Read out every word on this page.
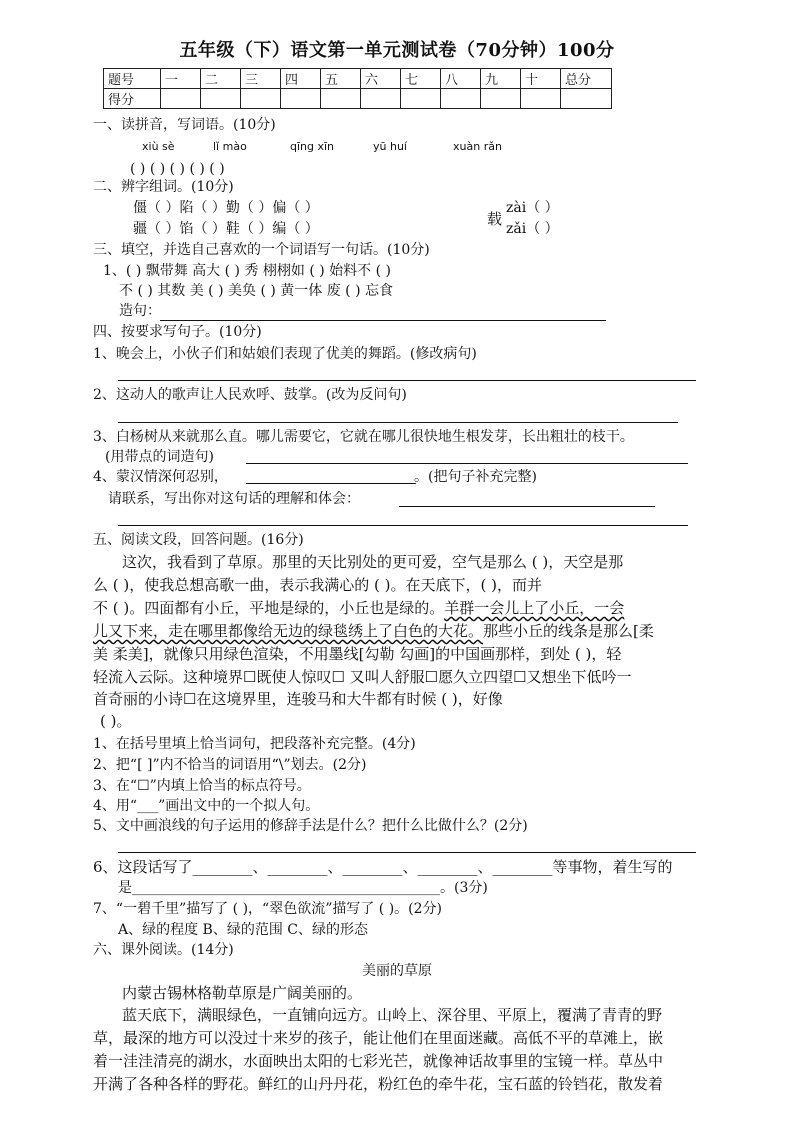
五年级（下）语文第一单元测试卷（70分钟）100分
题号	一	二	三	四	五	六	七	八	九	十	总分
得分											
一、读拼音，写词语。(10分)
xiù sè	lǐ mào	qīng xīn	yū huí	xuàn rǎn
( ) ( ) ( ) ( ) ( )
二、辨字组词。(10分)
僵（ ）陷（ ）勤（ ）偏（ ）
疆（ ）馅（ ）鞋（ ）编（ ）
载
zài（ ）
zǎi（ ）
三、填空，并选自己喜欢的一个词语写一句话。(10分)
1、( ) 飘带舞 高大 ( ) 秀 栩栩如 ( ) 始料不 ( )
不 ( ) 其数 美 ( ) 美奂 ( ) 黄一体 废 ( ) 忘食
造句：
四、按要求写句子。(10分)
1、晚会上，小伙子们和姑娘们表现了优美的舞蹈。(修改病句)
2、这动人的歌声让人民欢呼、鼓掌。(改为反问句)
3、白杨树从来就那么直。哪儿需要它，它就在哪儿很快地生根发芽，长出粗壮的枝干。
(用带点的词造句)
4、蒙汉情深何忍别，	。(把句子补充完整)
请联系，写出你对这句话的理解和体会：
五、阅读文段，回答问题。(16分)
这次，我看到了草原。那里的天比别处的更可爱，空气是那么 ( )，天空是那
么 ( )，使我总想高歌一曲，表示我满心的 ( )。在天底下，( )，而并
不 ( )。四面都有小丘，平地是绿的，小丘也是绿的。羊群一会儿上了小丘，一会
儿又下来，走在哪里都像给无边的绿毯绣上了白色的大花。那些小丘的线条是那么[柔
美 柔美]，就像只用绿色渲染，不用墨线[勾勒 勾画]的中国画那样，到处 ( )，轻
轻流入云际。这种境界☐既使人惊叹☐ 又叫人舒服☐愿久立四望☐又想坐下低吟一
首奇丽的小诗☐在这境界里，连骏马和大牛都有时候 ( )，好像
( )。
1、在括号里填上恰当词句，把段落补充完整。(4分)
2、把“[ ]”内不恰当的词语用“\”划去。(2分)
3、在“☐”内填上恰当的标点符号。
4、用“___”画出文中的一个拟人句。
5、文中画浪线的句子运用的修辞手法是什么？把什么比做什么？(2分)
6、这段话写了________、________、________、________、________等事物，着生写的
是____________________________________________。(3分)
7、“一碧千里”描写了 ( )，“翠色欲流”描写了 ( )。(2分)
A、绿的程度 B、绿的范围 C、绿的形态
六、课外阅读。(14分)
美丽的草原
内蒙古锡林格勒草原是广阔美丽的。
蓝天底下，满眼绿色，一直铺向远方。山岭上、深谷里、平原上，覆满了青青的野
草，最深的地方可以没过十来岁的孩子，能让他们在里面迷藏。高低不平的草滩上，嵌
着一洼洼清亮的湖水，水面映出太阳的七彩光芒，就像神话故事里的宝镜一样。草丛中
开满了各种各样的野花。鲜红的山丹丹花，粉红色的牵牛花，宝石蓝的铃铛花，散发着
